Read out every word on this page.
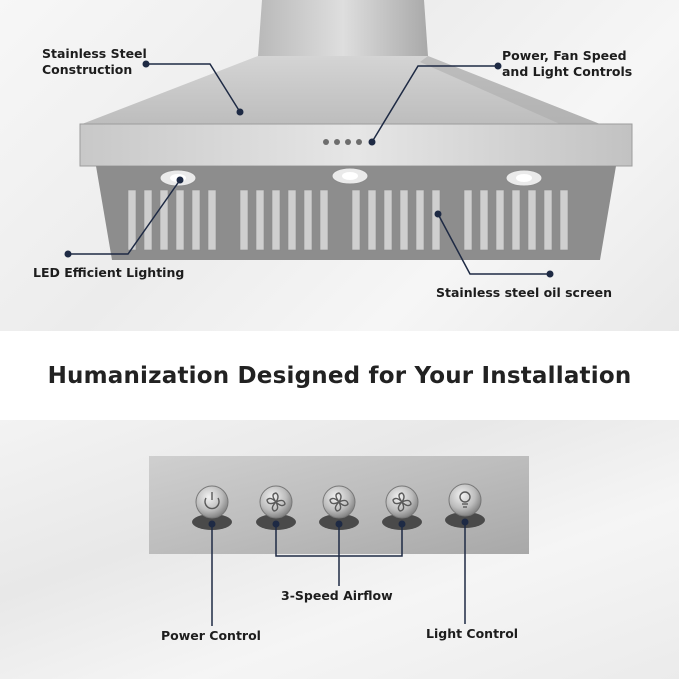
Stainless Steel
Construction
Power, Fan Speed
and Light Controls
LED Efficient Lighting
Stainless steel oil screen
Humanization Designed for Your Installation
Power Control
3-Speed Airflow
Light Control
